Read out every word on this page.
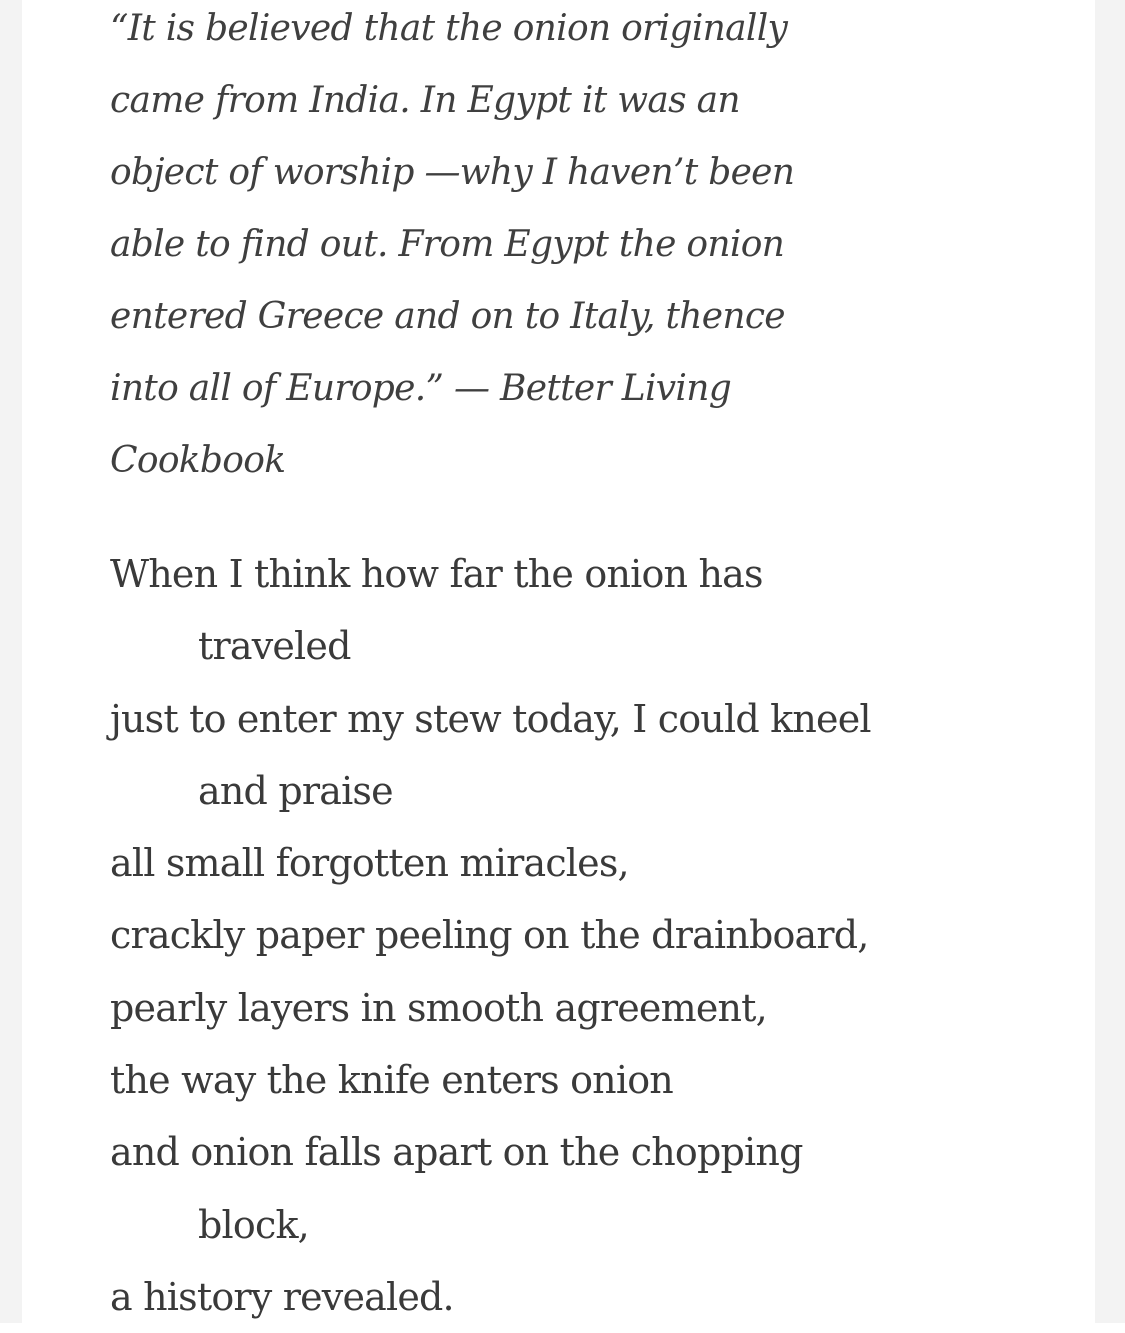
“It is believed that the onion originally
came from India. In Egypt it was an
object of worship —why I haven’t been
able to find out. From Egypt the onion
entered Greece and on to Italy, thence
into all of Europe.” — Better Living
Cookbook
When I think how far the onion has
traveled
just to enter my stew today, I could kneel
and praise
all small forgotten miracles,
crackly paper peeling on the drainboard,
pearly layers in smooth agreement,
the way the knife enters onion
and onion falls apart on the chopping
block,
a history revealed.
